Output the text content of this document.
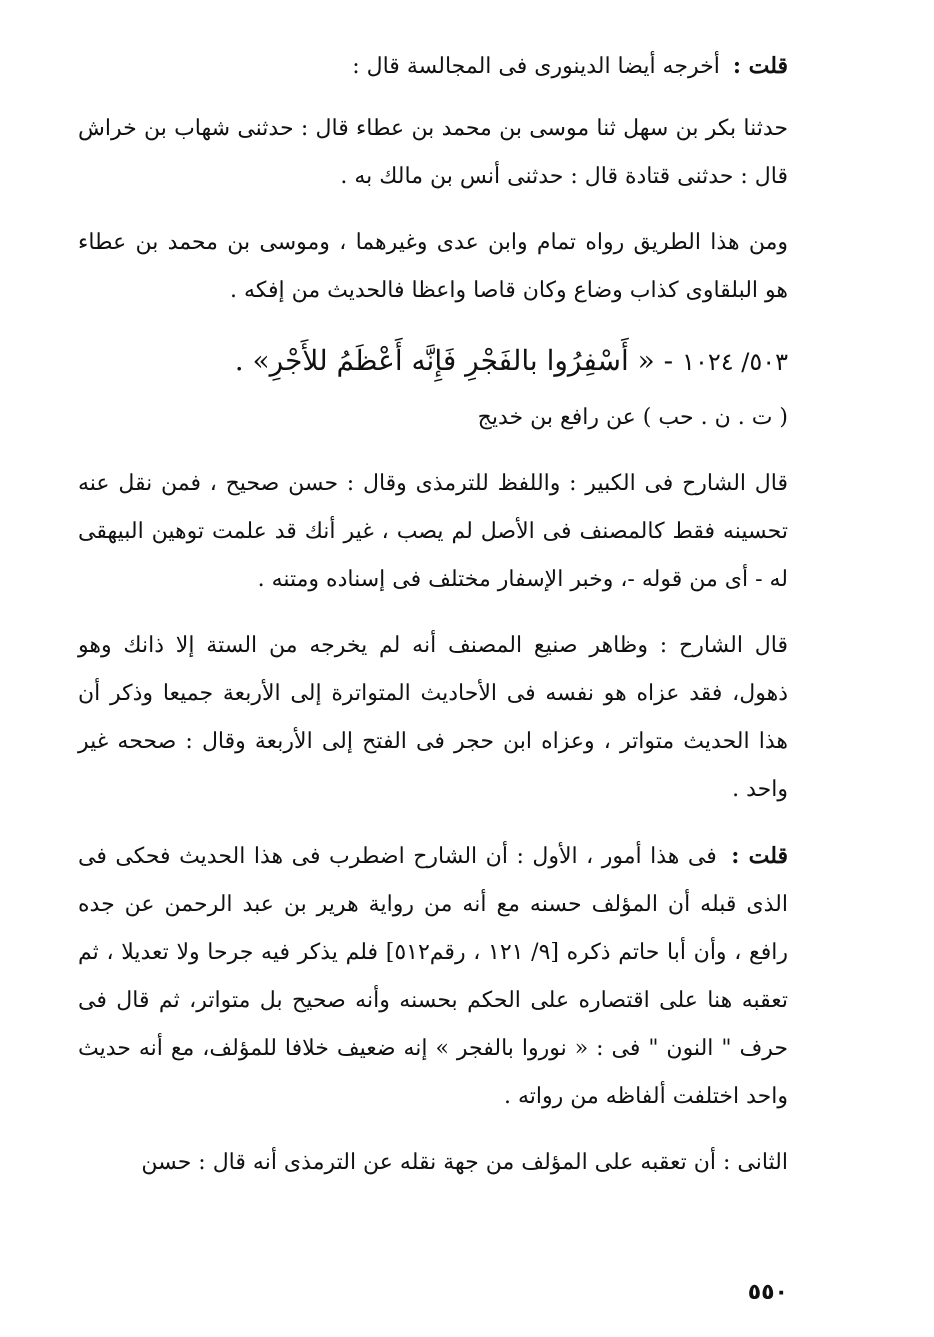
قلت : أخرجه أيضا الدينورى فى المجالسة قال :

حدثنا بكر بن سهل ثنا موسى بن محمد بن عطاء قال : حدثنى شهاب بن خراش قال : حدثنى قتادة قال : حدثنى أنس بن مالك به .

ومن هذا الطريق رواه تمام وابن عدى وغيرهما ، وموسى بن محمد بن عطاء هو البلقاوى كذاب وضاع وكان قاصا واعظا فالحديث من إفكه .

٥٠٣/ ١٠٢٤ - « أَسْفِرُوا بالفَجْرِ فَإِنَّه أَعْظَمُ للأَجْرِ» .

( ت . ن . حب ) عن رافع بن خديج

قال الشارح فى الكبير : واللفظ للترمذى وقال : حسن صحيح ، فمن نقل عنه تحسينه فقط كالمصنف فى الأصل لم يصب ، غير أنك قد علمت توهين البيهقى له - أى من قوله -، وخبر الإسفار مختلف فى إسناده ومتنه .

قال الشارح : وظاهر صنيع المصنف أنه لم يخرجه من الستة إلا ذانك وهو ذهول، فقد عزاه هو نفسه فى الأحاديث المتواترة إلى الأربعة جميعا وذكر أن هذا الحديث متواتر ، وعزاه ابن حجر فى الفتح إلى الأربعة وقال : صححه غير واحد .

قلت : فى هذا أمور ، الأول : أن الشارح اضطرب فى هذا الحديث فحكى فى الذى قبله أن المؤلف حسنه مع أنه من رواية هرير بن عبد الرحمن عن جده رافع ، وأن أبا حاتم ذكره [٩/ ١٢١ ، رقم٥١٢] فلم يذكر فيه جرحا ولا تعديلا ، ثم تعقبه هنا على اقتصاره على الحكم بحسنه وأنه صحيح بل متواتر، ثم قال فى حرف " النون " فى : « نوروا بالفجر » إنه ضعيف خلافا للمؤلف، مع أنه حديث واحد اختلفت ألفاظه من رواته .

الثانى : أن تعقبه على المؤلف من جهة نقله عن الترمذى أنه قال : حسن

٥٥٠
